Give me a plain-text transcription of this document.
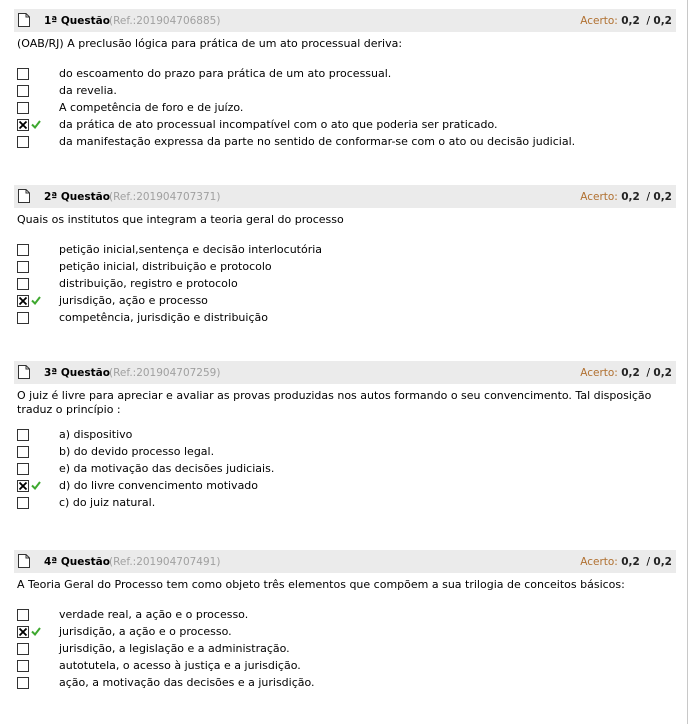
1ª Questão (Ref.:201904706885)	Acerto: 0,2 / 0,2
(OAB/RJ) A preclusão lógica para prática de um ato processual deriva:
do escoamento do prazo para prática de um ato processual.
da revelia.
A competência de foro e de juízo.
da prática de ato processual incompatível com o ato que poderia ser praticado.
da manifestação expressa da parte no sentido de conformar-se com o ato ou decisão judicial.
2ª Questão (Ref.:201904707371)	Acerto: 0,2 / 0,2
Quais os institutos que integram a teoria geral do processo
petição inicial,sentença e decisão interlocutória
petição inicial, distribuição e protocolo
distribuição, registro e protocolo
jurisdição, ação e processo
competência, jurisdição e distribuição
3ª Questão (Ref.:201904707259)	Acerto: 0,2 / 0,2
O juiz é livre para apreciar e avaliar as provas produzidas nos autos formando o seu convencimento. Tal disposição traduz o princípio :
a) dispositivo
b) do devido processo legal.
e) da motivação das decisões judiciais.
d) do livre convencimento motivado
c) do juiz natural.
4ª Questão (Ref.:201904707491)	Acerto: 0,2 / 0,2
A Teoria Geral do Processo tem como objeto três elementos que compõem a sua trilogia de conceitos básicos:
verdade real, a ação e o processo.
jurisdição, a ação e o processo.
jurisdição, a legislação e a administração.
autotutela, o acesso à justiça e a jurisdição.
ação, a motivação das decisões e a jurisdição.
